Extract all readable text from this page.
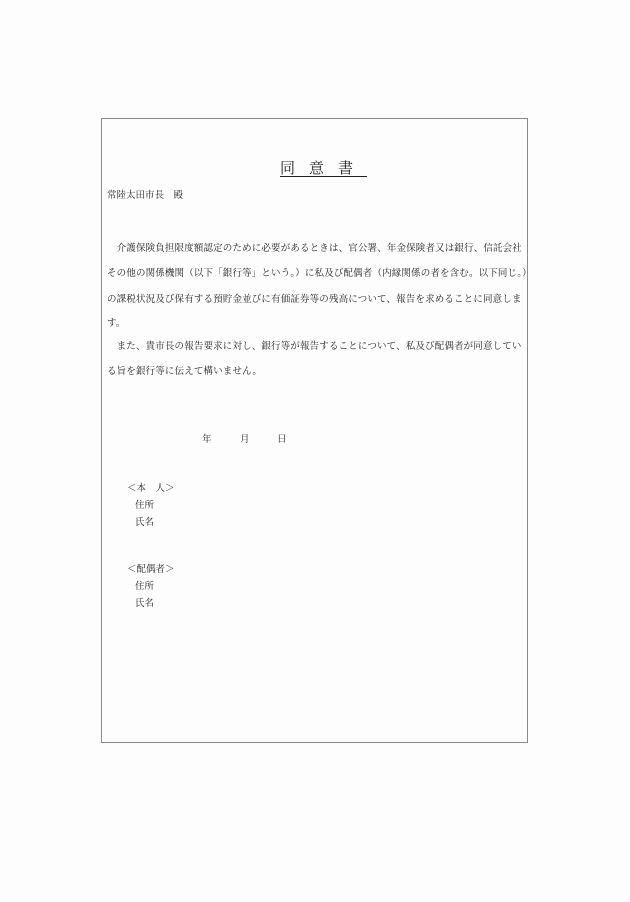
同意書
常陸太田市長　殿
　介護保険負担限度額認定のために必要があるときは、官公署、年金保険者又は銀行、信託会社
その他の関係機関（以下「銀行等」という。）に私及び配偶者（内縁関係の者を含む。以下同じ。）
の課税状況及び保有する預貯金並びに有価証券等の残高について、報告を求めることに同意しま
す。
　また、貴市長の報告要求に対し、銀行等が報告することについて、私及び配偶者が同意してい
る旨を銀行等に伝えて構いません。
年	月	日
＜本　人＞
住所
氏名
＜配偶者＞
住所
氏名
